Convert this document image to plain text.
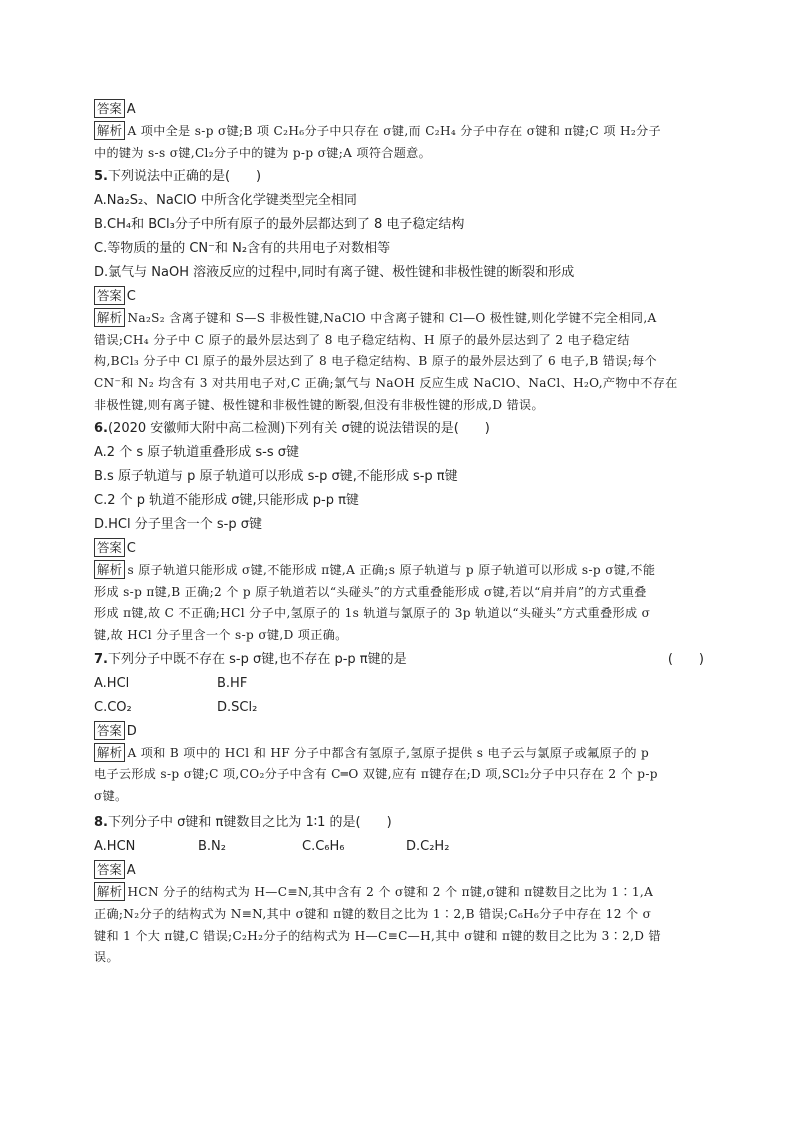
答案 A
解析 A 项中全是 s-p σ键;B 项 C₂H₆分子中只存在 σ键,而 C₂H₄ 分子中存在 σ键和 π键;C 项 H₂分子
中的键为 s-s σ键,Cl₂分子中的键为 p-p σ键;A 项符合题意。
5.下列说法中正确的是(　　)
A.Na₂S₂、NaClO 中所含化学键类型完全相同
B.CH₄和 BCl₃分子中所有原子的最外层都达到了 8 电子稳定结构
C.等物质的量的 CN⁻和 N₂含有的共用电子对数相等
D.氯气与 NaOH 溶液反应的过程中,同时有离子键、极性键和非极性键的断裂和形成
答案 C
解析 Na₂S₂ 含离子键和 S—S 非极性键,NaClO 中含离子键和 Cl—O 极性键,则化学键不完全相同,A
错误;CH₄ 分子中 C 原子的最外层达到了 8 电子稳定结构、H 原子的最外层达到了 2 电子稳定结
构,BCl₃ 分子中 Cl 原子的最外层达到了 8 电子稳定结构、B 原子的最外层达到了 6 电子,B 错误;每个
CN⁻和 N₂ 均含有 3 对共用电子对,C 正确;氯气与 NaOH 反应生成 NaClO、NaCl、H₂O,产物中不存在
非极性键,则有离子键、极性键和非极性键的断裂,但没有非极性键的形成,D 错误。
6.(2020 安徽师大附中高二检测)下列有关 σ键的说法错误的是(　　)
A.2 个 s 原子轨道重叠形成 s-s σ键
B.s 原子轨道与 p 原子轨道可以形成 s-p σ键,不能形成 s-p π键
C.2 个 p 轨道不能形成 σ键,只能形成 p-p π键
D.HCl 分子里含一个 s-p σ键
答案 C
解析 s 原子轨道只能形成 σ键,不能形成 π键,A 正确;s 原子轨道与 p 原子轨道可以形成 s-p σ键,不能
形成 s-p π键,B 正确;2 个 p 原子轨道若以“头碰头”的方式重叠能形成 σ键,若以“肩并肩”的方式重叠
形成 π键,故 C 不正确;HCl 分子中,氢原子的 1s 轨道与氯原子的 3p 轨道以“头碰头”方式重叠形成 σ
键,故 HCl 分子里含一个 s-p σ键,D 项正确。
7.下列分子中既不存在 s-p σ键,也不存在 p-p π键的是	(　　)
A.HCl	B.HF
C.CO₂	D.SCl₂
答案 D
解析 A 项和 B 项中的 HCl 和 HF 分子中都含有氢原子,氢原子提供 s 电子云与氯原子或氟原子的 p
电子云形成 s-p σ键;C 项,CO₂分子中含有 C═O 双键,应有 π键存在;D 项,SCl₂分子中只存在 2 个 p-p
σ键。
8.下列分子中 σ键和 π键数目之比为 1∶1 的是(　　)
A.HCN	B.N₂	C.C₆H₆	D.C₂H₂
答案 A
解析 HCN 分子的结构式为 H—C≡N,其中含有 2 个 σ键和 2 个 π键,σ键和 π键数目之比为 1∶1,A
正确;N₂分子的结构式为 N≡N,其中 σ键和 π键的数目之比为 1∶2,B 错误;C₆H₆分子中存在 12 个 σ
键和 1 个大 π键,C 错误;C₂H₂分子的结构式为 H—C≡C—H,其中 σ键和 π键的数目之比为 3∶2,D 错
误。
